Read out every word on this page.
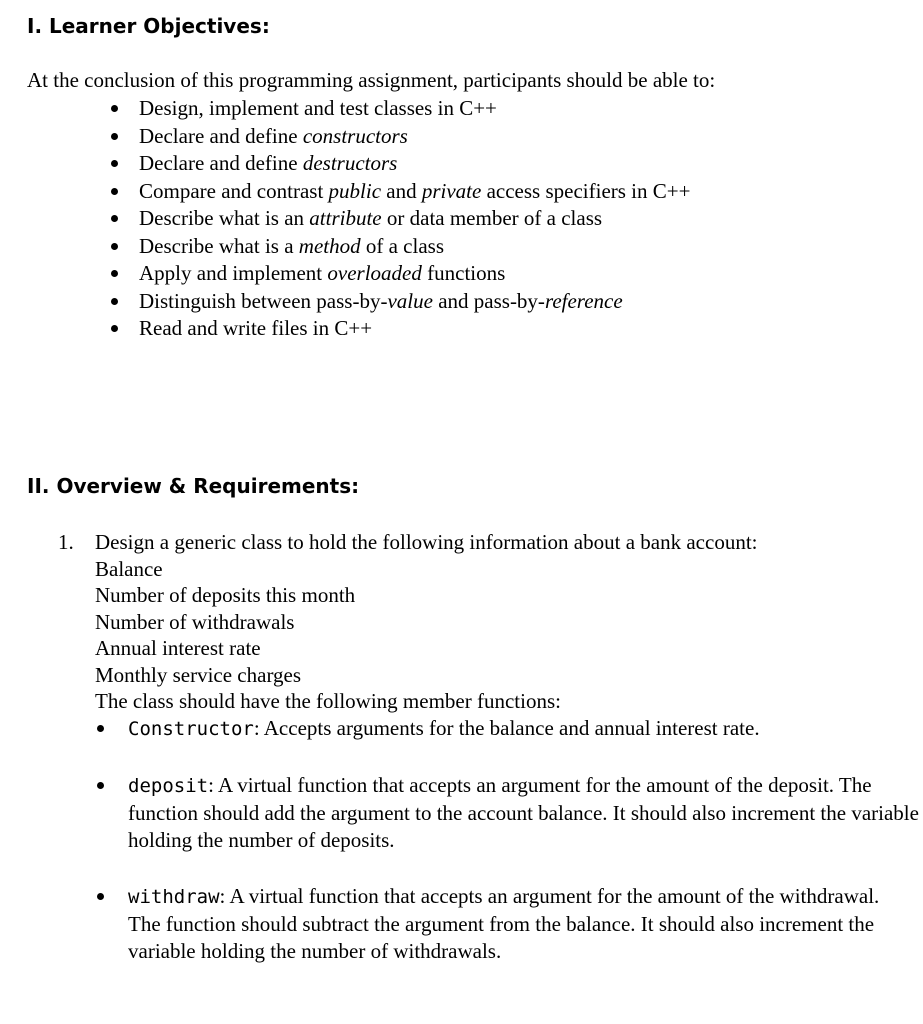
I. Learner Objectives:

At the conclusion of this programming assignment, participants should be able to:

Design, implement and test classes in C++
Declare and define constructors
Declare and define destructors
Compare and contrast public and private access specifiers in C++
Describe what is an attribute or data member of a class
Describe what is a method of a class
Apply and implement overloaded functions
Distinguish between pass-by-value and pass-by-reference
Read and write files in C++
II. Overview & Requirements:
1. Design a generic class to hold the following information about a bank account:
Balance
Number of deposits this month
Number of withdrawals
Annual interest rate
Monthly service charges
The class should have the following member functions:
Constructor: Accepts arguments for the balance and annual interest rate.
deposit: A virtual function that accepts an argument for the amount of the deposit. The function should add the argument to the account balance. It should also increment the variable holding the number of deposits.
withdraw: A virtual function that accepts an argument for the amount of the withdrawal. The function should subtract the argument from the balance. It should also increment the variable holding the number of withdrawals.
